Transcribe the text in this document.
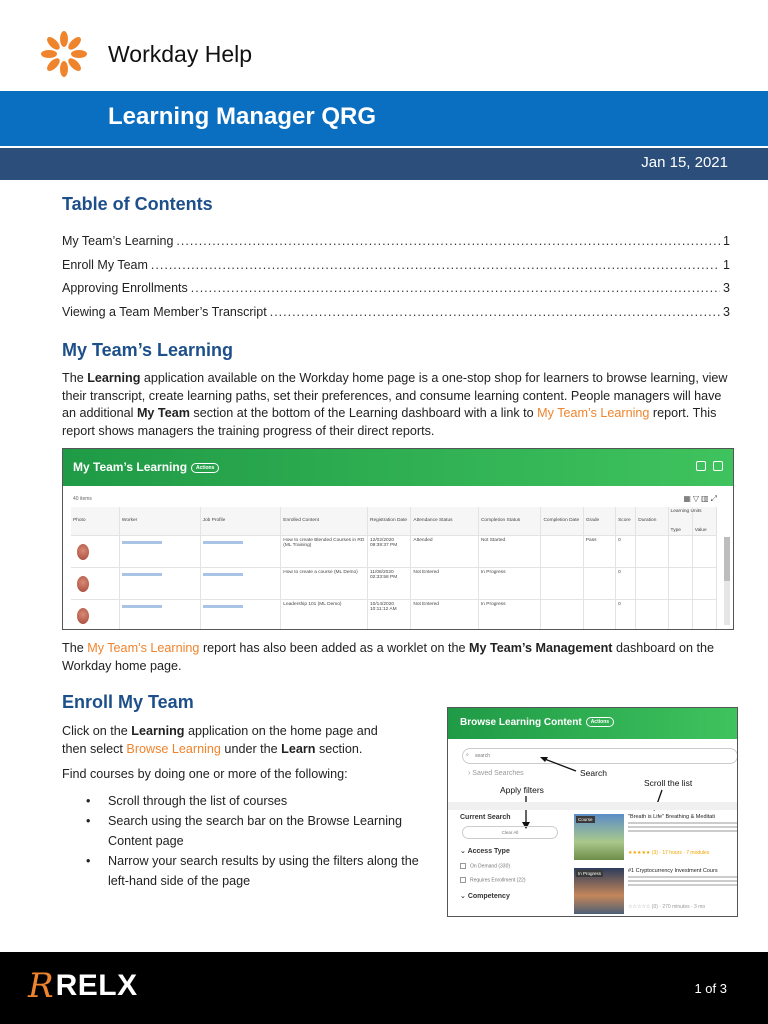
Workday Help
Learning Manager QRG
Jan 15, 2021
Table of Contents
My Team’s Learning .....	1
Enroll My Team .....	1
Approving Enrollments .....	3
Viewing a Team Member’s Transcript .....	3
My Team’s Learning

The Learning application available on the Workday home page is a one-stop shop for learners to browse learning, view their transcript, create learning paths, set their preferences, and consume learning content. People managers will have an additional My Team section at the bottom of the Learning dashboard with a link to My Team’s Learning report. This report shows managers the training progress of their direct reports.

My Team’s Learning Actions
40 items	▦▽▥⤢
Photo	Worker	Job Profile	Enrolled Content	Registration Date	Attendance Status	Completion Status	Completion Date	Grade	Score	Duration	Learning Units
Type	Value

			How to create Blended Courses in RD (ML Training)	12/02/2020 09:39:37 PM	Attended	Not Started		Pass	0			

			How to create a course (ML Demo)	11/08/2020 02:33:58 PM	Not Entered	In Progress			0			

			Leadership 101 (ML Demo)	10/14/2020 10:11:12 AM	Not Entered	In Progress			0			

The My Team’s Learning report has also been added as a worklet on the My Team’s Management dashboard on the Workday home page.

Enroll My Team

Click on the Learning application on the home page and then select Browse Learning under the Learn section.

Find courses by doing one or more of the following:

•	Scroll through the list of courses
•	Search using the search bar on the Browse Learning Content page
•	Narrow your search results by using the filters along the left-hand side of the page
Browse Learning Content Actions
⌕ search
› Saved Searches	Search
Scroll the list
Apply filters
Current Search
Clear All
⌄ Access Type
On Demand (330)
Requires Enrollment (22)
⌄ Competency
Course	"Breath is Life" Breathing & Meditati
★★★★★ (3) · 17 hours · 7 modules
In Progress	#1 Cryptocurrency Investment Cours
☆☆☆☆☆ (0) · 270 minutes · 3 mo
R RELX	1 of 3
